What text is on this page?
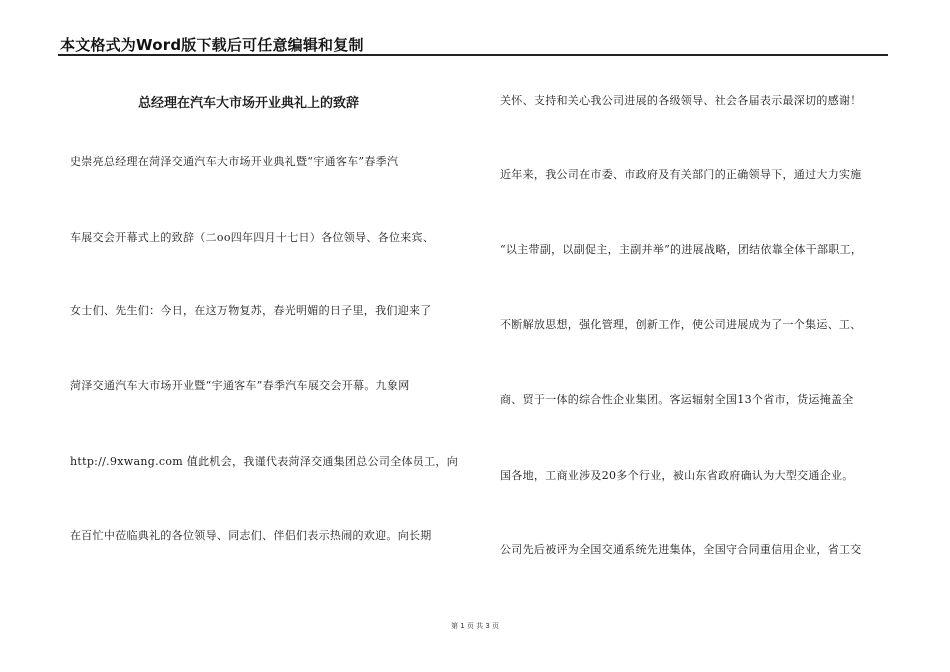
本文格式为Word版下载后可任意编辑和复制
总经理在汽车大市场开业典礼上的致辞
史崇亮总经理在菏泽交通汽车大市场开业典礼暨“宇通客车”春季汽
车展交会开幕式上的致辞（二oo四年四月十七日）各位领导、各位来宾、
女士们、先生们：今日，在这万物复苏，春光明媚的日子里，我们迎来了
菏泽交通汽车大市场开业暨“宇通客车”春季汽车展交会开幕。九象网
http://.9xwang.com 值此机会，我谨代表菏泽交通集团总公司全体员工，向
在百忙中莅临典礼的各位领导、同志们、伴侣们表示热闹的欢迎。向长期
关怀、支持和关心我公司进展的各级领导、社会各届表示最深切的感谢！
近年来，我公司在市委、市政府及有关部门的正确领导下，通过大力实施
“以主带副，以副促主，主副并举”的进展战略，团结依靠全体干部职工，
不断解放思想，强化管理，创新工作，使公司进展成为了一个集运、工、
商、贸于一体的综合性企业集团。客运辐射全国13个省市，货运掩盖全
国各地，工商业涉及20多个行业，被山东省政府确认为大型交通企业。
公司先后被评为全国交通系统先进集体，全国守合同重信用企业，省工交
第 1 页 共 3 页
